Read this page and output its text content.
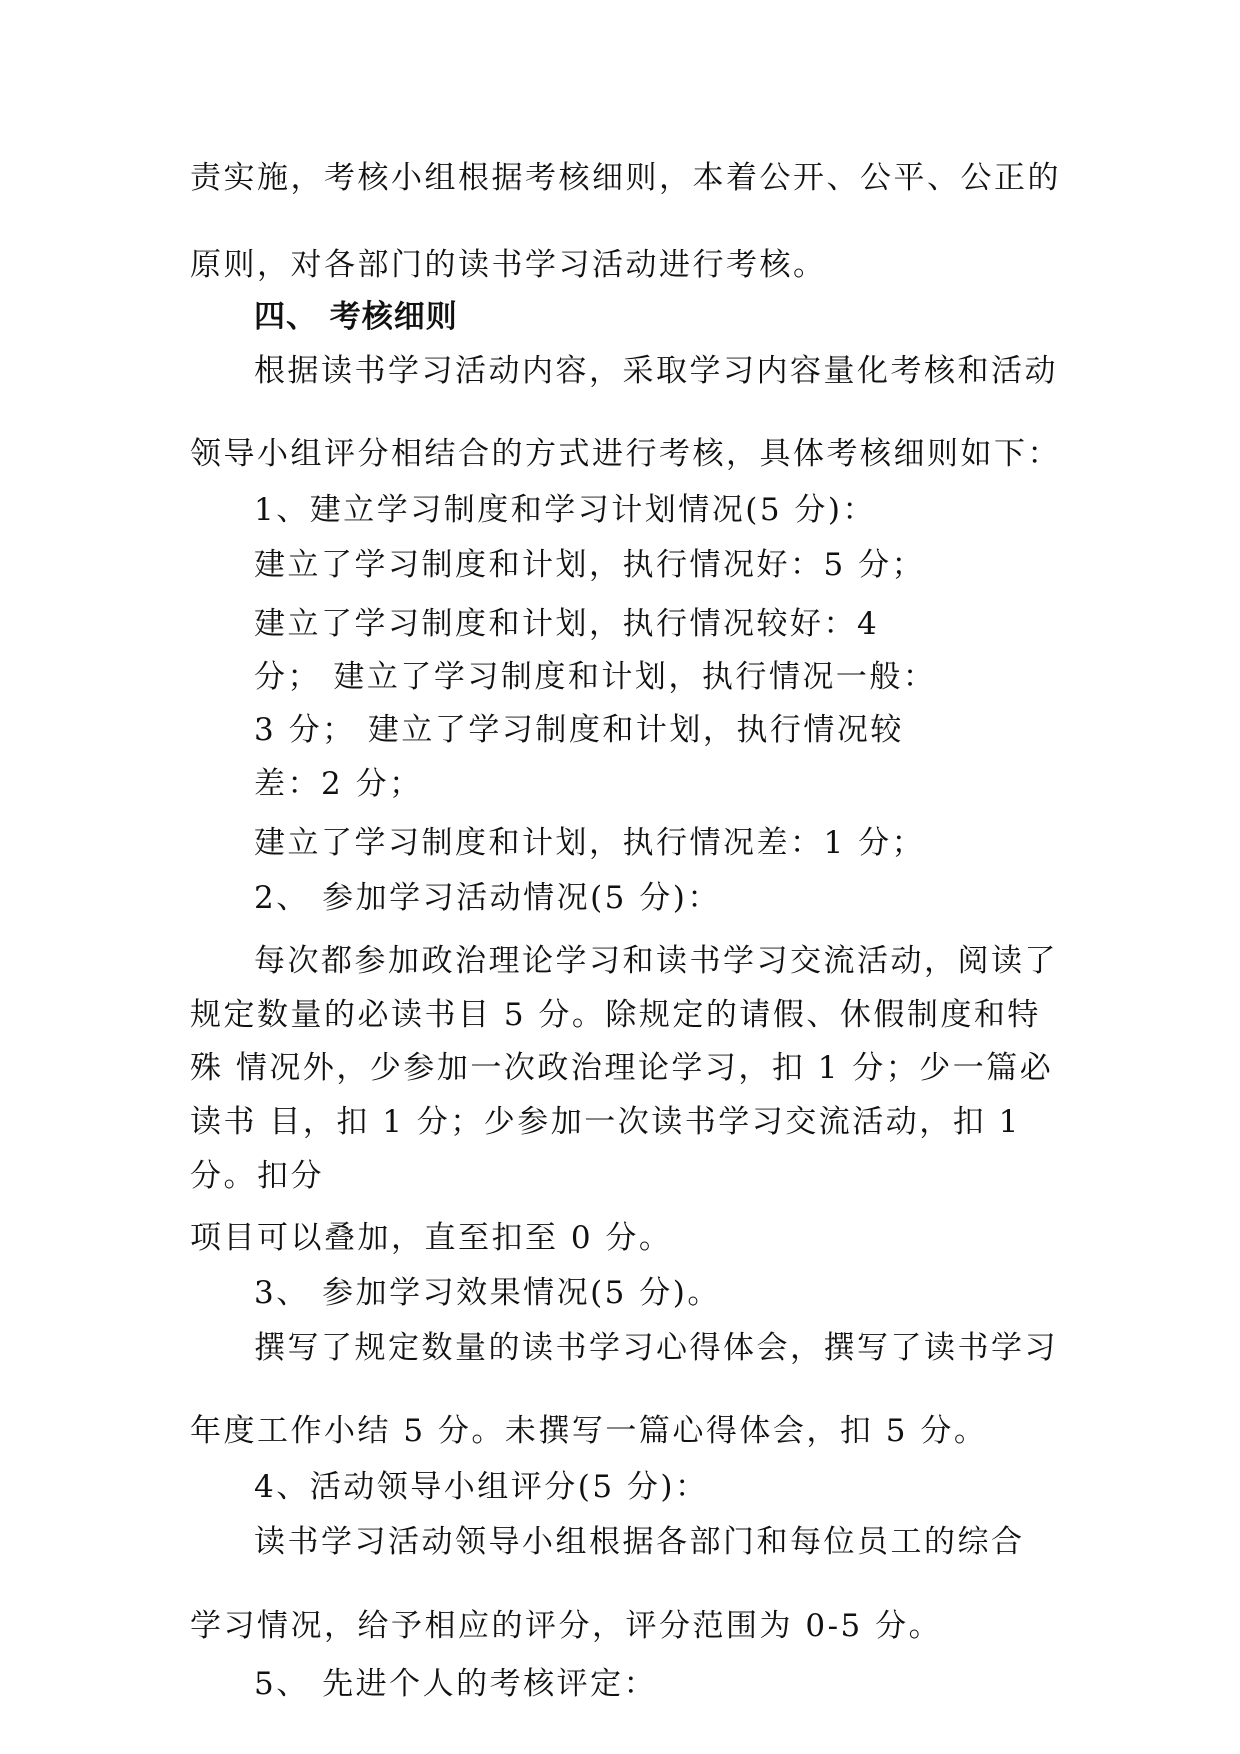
责实施，考核小组根据考核细则，本着公开、公平、公正的
原则，对各部门的读书学习活动进行考核。
四、 考核细则
根据读书学习活动内容，采取学习内容量化考核和活动
领导小组评分相结合的方式进行考核，具体考核细则如下：
1、建立学习制度和学习计划情况(5 分)：
建立了学习制度和计划，执行情况好：5 分；
建立了学习制度和计划，执行情况较好：4
分； 建立了学习制度和计划，执行情况一般：
3 分； 建立了学习制度和计划，执行情况较
差：2 分；
建立了学习制度和计划，执行情况差：1 分；
2、 参加学习活动情况(5 分)：
每次都参加政治理论学习和读书学习交流活动，阅读了
规定数量的必读书目 5 分。除规定的请假、休假制度和特
殊 情况外，少参加一次政治理论学习，扣 1 分；少一篇必
读书 目，扣 1 分；少参加一次读书学习交流活动，扣 1
分。扣分
项目可以叠加，直至扣至 0 分。
3、 参加学习效果情况(5 分)。
撰写了规定数量的读书学习心得体会，撰写了读书学习
年度工作小结 5 分。未撰写一篇心得体会，扣 5 分。
4、活动领导小组评分(5 分)：
读书学习活动领导小组根据各部门和每位员工的综合
学习情况，给予相应的评分，评分范围为 0-5 分。
5、 先进个人的考核评定：
